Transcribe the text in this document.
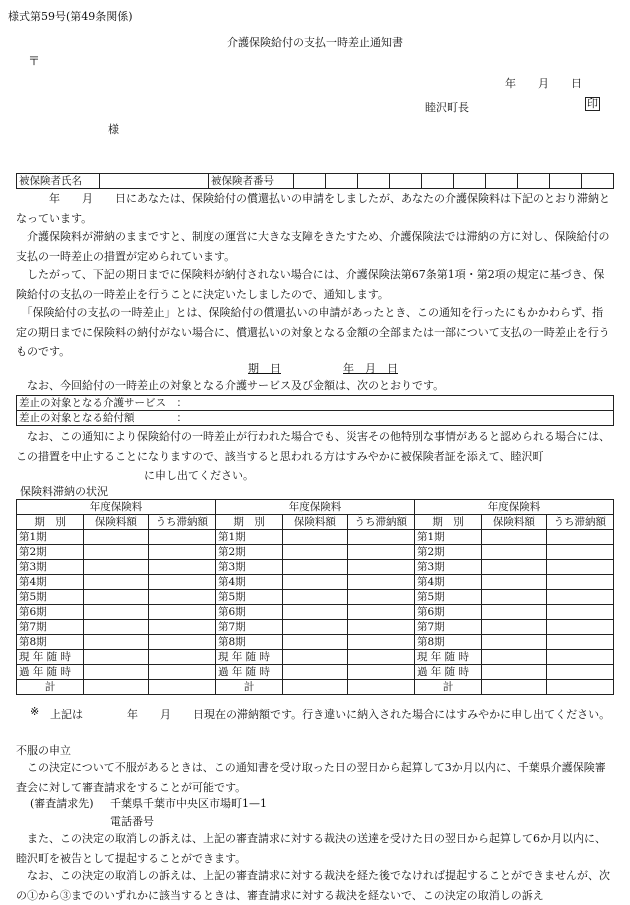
様式第59号(第49条関係)
介護保険給付の支払一時差止通知書
〒
年　　月　　日
睦沢町長	印
様
被保険者氏名		被保険者番号										
　　　年　　月　　日にあなたは、保険給付の償還払いの申請をしましたが、あなたの介護保険料は下記のとおり滞納となっています。
　介護保険料が滞納のままですと、制度の運営に大きな支障をきたすため、介護保険法では滞納の方に対し、保険給付の支払の一時差止の措置が定められています。
　したがって、下記の期日までに保険料が納付されない場合には、介護保険法第67条第1項・第2項の規定に基づき、保険給付の支払の一時差止を行うことに決定いたしましたので、通知します。
　「保険給付の支払の一時差止」とは、保険給付の償還払いの申請があったとき、この通知を行ったにもかかわらず、指定の期日までに保険料の納付がない場合に、償還払いの対象となる金額の全部または一部について支払の一時差止を行うものです。
期　日	年　月　日
　なお、今回給付の一時差止の対象となる介護サービス及び金額は、次のとおりです。
差止の対象となる介護サービス　：
差止の対象となる給付額　　　　：
　なお、この通知により保険給付の一時差止が行われた場合でも、災害その他特別な事情があると認められる場合には、この措置を中止することになりますので、該当すると思われる方はすみやかに被保険者証を添えて、睦沢町に申し出てください。
保険料滞納の状況
年度保険料			年度保険料			年度保険料		
期　別	保険料額	うち滞納額	期　別	保険料額	うち滞納額	期　別	保険料額	うち滞納額
第1期			第1期			第1期		
第2期			第2期			第2期		
第3期			第3期			第3期		
第4期			第4期			第4期		
第5期			第5期			第5期		
第6期			第6期			第6期		
第7期			第7期			第7期		
第8期			第8期			第8期		
現 年 随 時			現 年 随 時			現 年 随 時		
過 年 随 時			過 年 随 時			過 年 随 時		
計			計			計		
※ 上記は　　　　年　　月　　日現在の滞納額です。行き違いに納入された場合にはすみやかに申し出てください。
不服の申立
　この決定について不服があるときは、この通知書を受け取った日の翌日から起算して3か月以内に、千葉県介護保険審査会に対して審査請求をすることが可能です。
(審査請求先) 千葉県千葉市中央区市場町1—1
電話番号
　また、この決定の取消しの訴えは、上記の審査請求に対する裁決の送達を受けた日の翌日から起算して6か月以内に、睦沢町を被告として提起することができます。
　なお、この決定の取消しの訴えは、上記の審査請求に対する裁決を経た後でなければ提起することができませんが、次の①から③までのいずれかに該当するときは、審査請求に対する裁決を経ないで、この決定の取消しの訴え
